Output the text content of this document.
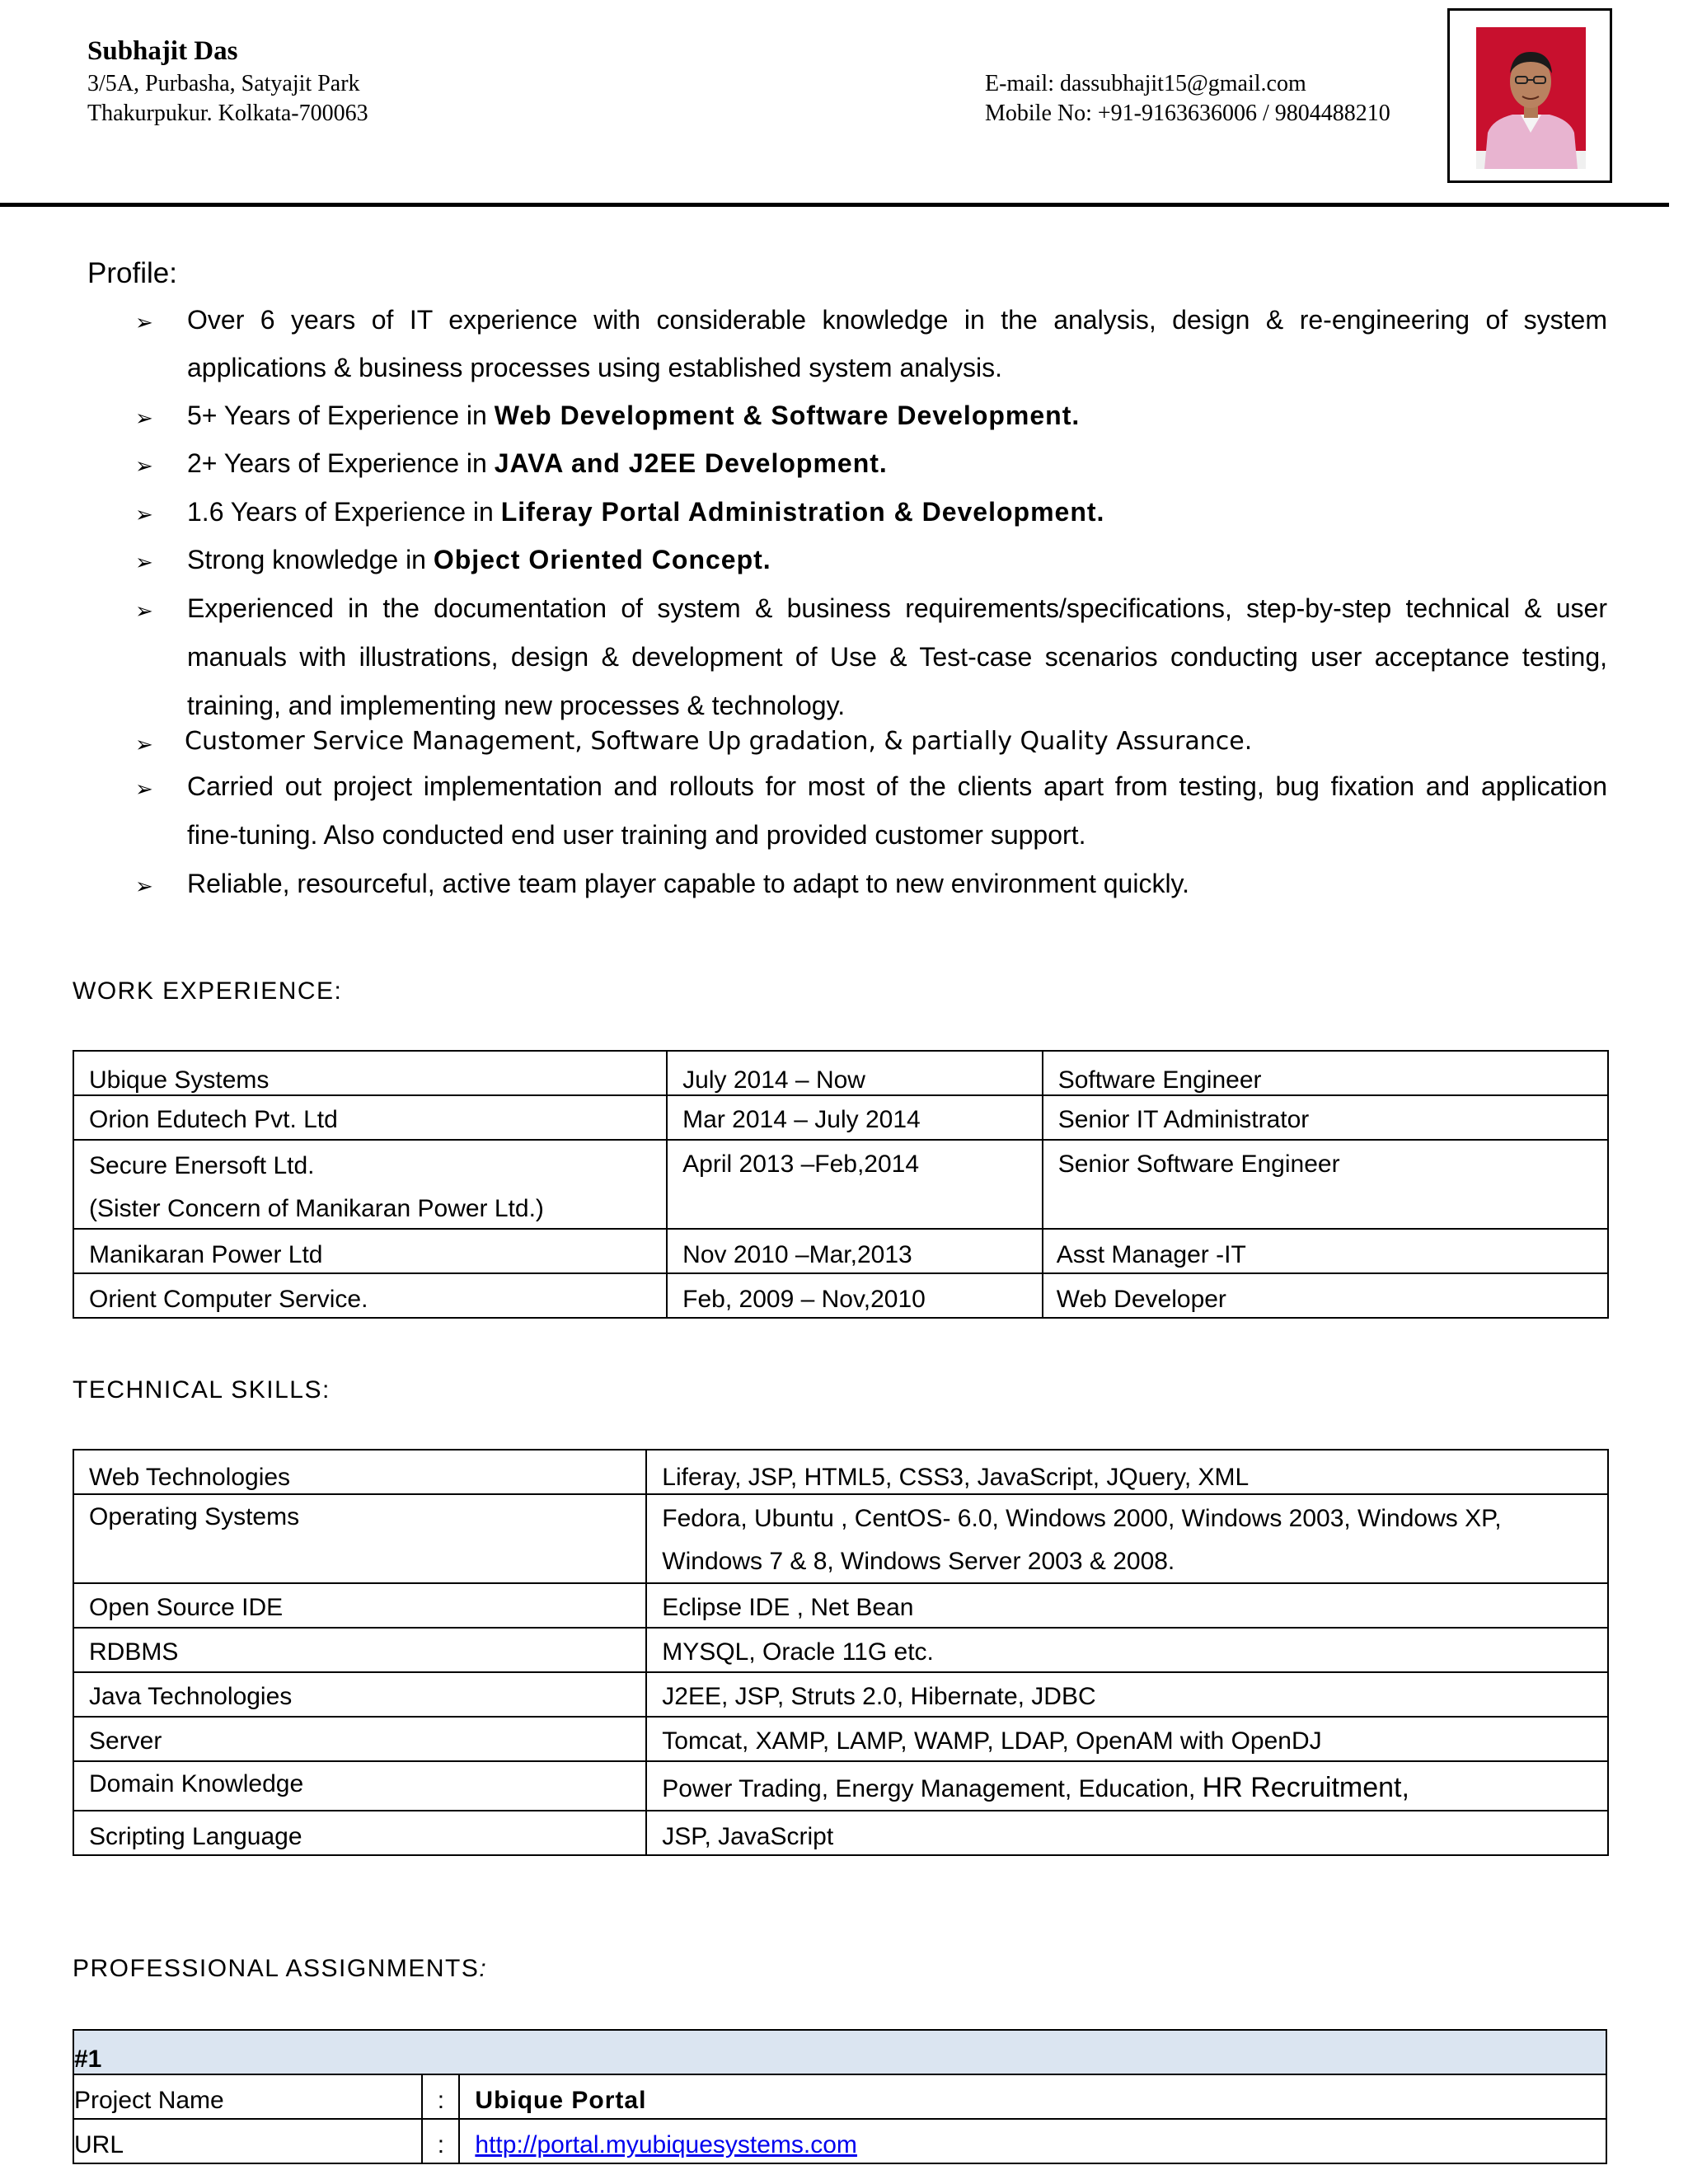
Subhajit Das
3/5A, Purbasha, Satyajit Park
Thakurpukur. Kolkata-700063
E-mail: dassubhajit15@gmail.com
Mobile No: +91-9163636006 / 9804488210
Profile:
➢ Over 6 years of IT experience with considerable knowledge in the analysis, design & re-engineering of system
applications & business processes using established system analysis.
➢ 5+ Years of Experience in Web Development & Software Development.
➢ 2+ Years of Experience in JAVA and J2EE Development.
➢ 1.6 Years of Experience in Liferay Portal Administration & Development.
➢ Strong knowledge in Object Oriented Concept.
➢ Experienced in the documentation of system & business requirements/specifications, step-by-step technical & user
manuals with illustrations, design & development of Use & Test-case scenarios conducting user acceptance testing,
training, and implementing new processes & technology.
➢ Customer Service Management, Software Up gradation, & partially Quality Assurance.
➢ Carried out project implementation and rollouts for most of the clients apart from testing, bug fixation and application
fine-tuning. Also conducted end user training and provided customer support.
➢ Reliable, resourceful, active team player capable to adapt to new environment quickly.
WORK EXPERIENCE:
Ubique Systems	July 2014 – Now	Software Engineer
Orion Edutech Pvt. Ltd	Mar 2014 – July 2014	Senior IT Administrator

Secure Enersoft Ltd.
(Sister Concern of Manikaran Power Ltd.)	April 2013 –Feb,2014	Senior Software Engineer
Manikaran Power Ltd	Nov 2010 –Mar,2013	Asst Manager -IT
Orient Computer Service.	Feb, 2009 – Nov,2010	Web Developer
TECHNICAL SKILLS:
Web Technologies	Liferay, JSP, HTML5, CSS3, JavaScript, JQuery, XML
Operating Systems	Fedora, Ubuntu , CentOS- 6.0, Windows 2000, Windows 2003, Windows XP,
Windows 7 & 8, Windows Server 2003 & 2008.

Open Source IDE	Eclipse IDE , Net Bean
RDBMS	MYSQL, Oracle 11G etc.
Java Technologies	J2EE, JSP, Struts 2.0, Hibernate, JDBC
Server	Tomcat, XAMP, LAMP, WAMP, LDAP, OpenAM with OpenDJ
Domain Knowledge	Power Trading, Energy Management, Education, HR Recruitment,
Scripting Language	JSP, JavaScript
PROFESSIONAL ASSIGNMENTS:
#1		
Project Name	:	Ubique Portal
URL	:	http://portal.myubiquesystems.com
